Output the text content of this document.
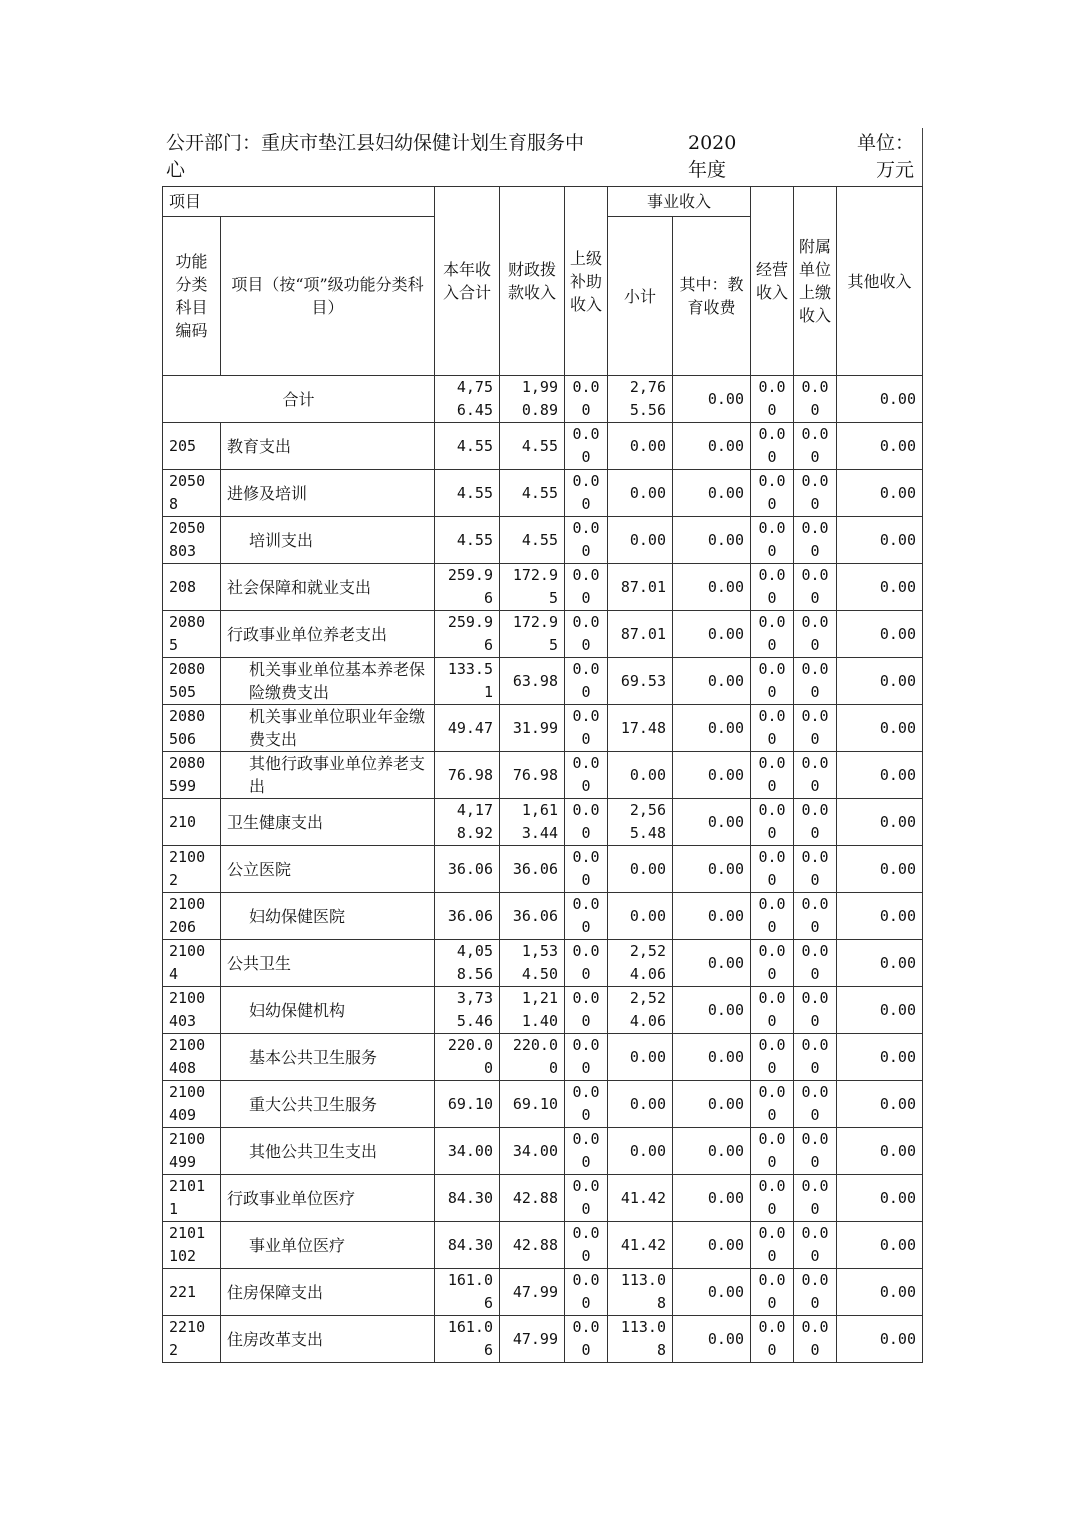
公开部门：重庆市垫江县妇幼保健计划生育服务中
心
2020
年度
单位：
万元
项目		本年收入合计	财政拨款收入	上级补助收入	事业收入		经营收入	附属单位上缴收入	其他收入
功能分类科目编码	项目（按“项”级功能分类科目）				小计	其中：教育收费			

合计		4,756.45	1,990.89	0.00	2,765.56	0.00	0.00	0.00	0.00
205	教育支出	4.55	4.55	0.00	0.00	0.00	0.00	0.00	0.00
20508	进修及培训	4.55	4.55	0.00	0.00	0.00	0.00	0.00	0.00
2050803	培训支出	4.55	4.55	0.00	0.00	0.00	0.00	0.00	0.00
208	社会保障和就业支出	259.96	172.95	0.00	87.01	0.00	0.00	0.00	0.00
20805	行政事业单位养老支出	259.96	172.95	0.00	87.01	0.00	0.00	0.00	0.00
2080505	机关事业单位基本养老保险缴费支出	133.51	63.98	0.00	69.53	0.00	0.00	0.00	0.00
2080506	机关事业单位职业年金缴费支出	49.47	31.99	0.00	17.48	0.00	0.00	0.00	0.00
2080599	其他行政事业单位养老支出	76.98	76.98	0.00	0.00	0.00	0.00	0.00	0.00
210	卫生健康支出	4,178.92	1,613.44	0.00	2,565.48	0.00	0.00	0.00	0.00
21002	公立医院	36.06	36.06	0.00	0.00	0.00	0.00	0.00	0.00
2100206	妇幼保健医院	36.06	36.06	0.00	0.00	0.00	0.00	0.00	0.00
21004	公共卫生	4,058.56	1,534.50	0.00	2,524.06	0.00	0.00	0.00	0.00
2100403	妇幼保健机构	3,735.46	1,211.40	0.00	2,524.06	0.00	0.00	0.00	0.00
2100408	基本公共卫生服务	220.00	220.00	0.00	0.00	0.00	0.00	0.00	0.00
2100409	重大公共卫生服务	69.10	69.10	0.00	0.00	0.00	0.00	0.00	0.00
2100499	其他公共卫生支出	34.00	34.00	0.00	0.00	0.00	0.00	0.00	0.00
21011	行政事业单位医疗	84.30	42.88	0.00	41.42	0.00	0.00	0.00	0.00
2101102	事业单位医疗	84.30	42.88	0.00	41.42	0.00	0.00	0.00	0.00
221	住房保障支出	161.06	47.99	0.00	113.08	0.00	0.00	0.00	0.00
22102	住房改革支出	161.06	47.99	0.00	113.08	0.00	0.00	0.00	0.00
